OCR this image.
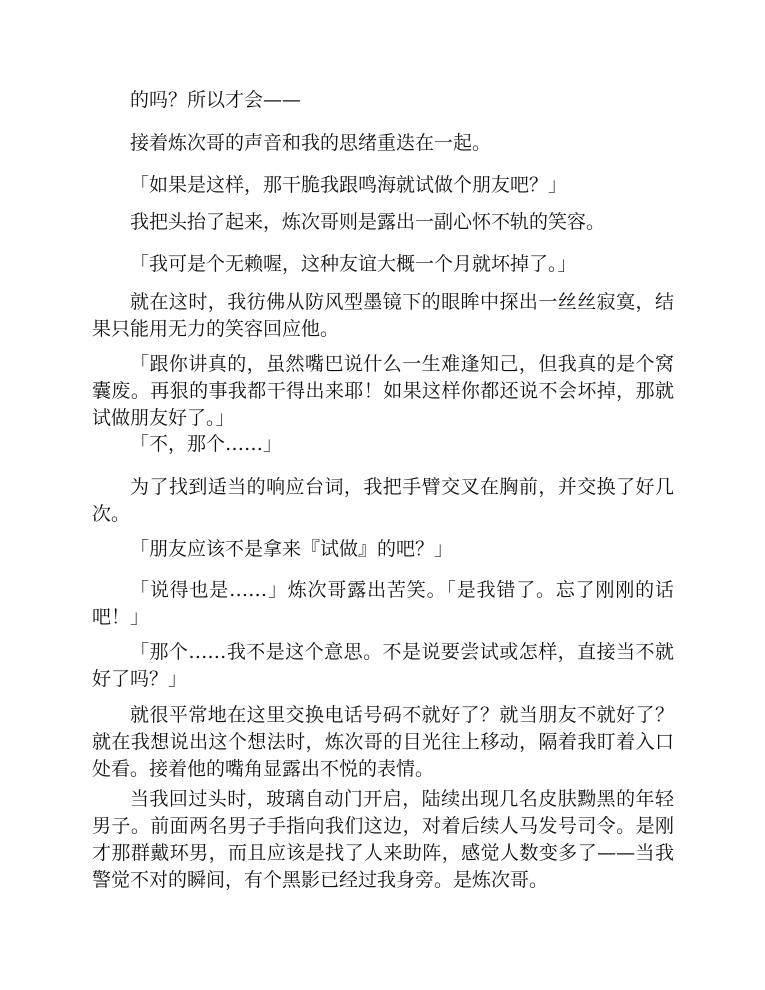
的吗？所以才会——

接着炼次哥的声音和我的思绪重迭在一起。

「如果是这样，那干脆我跟鸣海就试做个朋友吧？」

我把头抬了起来，炼次哥则是露出一副心怀不轨的笑容。

「我可是个无赖喔，这种友谊大概一个月就坏掉了。」

就在这时，我彷佛从防风型墨镜下的眼眸中探出一丝丝寂寞，结果只能用无力的笑容回应他。

「跟你讲真的，虽然嘴巴说什么一生难逢知己，但我真的是个窝囊废。再狠的事我都干得出来耶！如果这样你都还说不会坏掉，那就试做朋友好了。」

「不，那个……」

为了找到适当的响应台词，我把手臂交叉在胸前，并交换了好几次。

「朋友应该不是拿来『试做』的吧？」

「说得也是……」炼次哥露出苦笑。「是我错了。忘了刚刚的话吧！」

「那个……我不是这个意思。不是说要尝试或怎样，直接当不就好了吗？」

就很平常地在这里交换电话号码不就好了？就当朋友不就好了？就在我想说出这个想法时，炼次哥的目光往上移动，隔着我盯着入口处看。接着他的嘴角显露出不悦的表情。

当我回过头时，玻璃自动门开启，陆续出现几名皮肤黝黑的年轻男子。前面两名男子手指向我们这边，对着后续人马发号司令。是刚才那群戴环男，而且应该是找了人来助阵，感觉人数变多了——当我警觉不对的瞬间，有个黑影已经过我身旁。是炼次哥。
